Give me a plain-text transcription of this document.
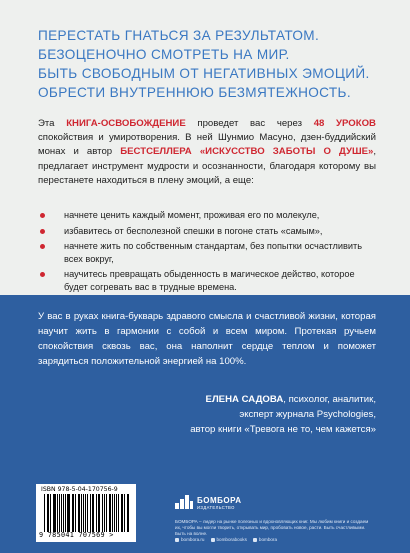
ПЕРЕСТАТЬ ГНАТЬСЯ ЗА РЕЗУЛЬТАТОМ.
БЕЗОЦЕНОЧНО СМОТРЕТЬ НА МИР.
БЫТЬ СВОБОДНЫМ ОТ НЕГАТИВНЫХ ЭМОЦИЙ.
ОБРЕСТИ ВНУТРЕННЮЮ БЕЗМЯТЕЖНОСТЬ.
Эта КНИГА-ОСВОБОЖДЕНИЕ проведет вас через 48 УРОКОВ спокойствия и умиротворения. В ней Шунмио Масуно, дзен-буддийский монах и автор БЕСТСЕЛЛЕРА «ИСКУССТВО ЗАБОТЫ О ДУШЕ», предлагает инструмент мудрости и осознанности, благодаря которому вы перестанете находиться в плену эмоций, а еще:
начнете ценить каждый момент, проживая его по молекуле,
избавитесь от бесполезной спешки в погоне стать «самым»,
начнете жить по собственным стандартам, без попытки осчастливить всех вокруг,
научитесь превращать обыденность в магическое действо, которое будет согревать вас в трудные времена.
У вас в руках книга-букварь здравого смысла и счастливой жизни, которая научит жить в гармонии с собой и всем миром. Протекая ручьем спокойствия сквозь вас, она наполнит сердце теплом и поможет зарядиться положительной энергией на 100%.
ЕЛЕНА САДОВА, психолог, аналитик,
эксперт журнала Psychologies,
автор книги «Тревога не то, чем кажется»
ISBN 978-5-04-170756-9
9 785041 707569 >
БОМБОРА
ИЗДАТЕЛЬСТВО
БОМБОРА – лидер на рынке полезных и вдохновляющих книг. Мы любим книги и создаем их, чтобы вы могли творить, открывать мир, пробовать новое, расти. Быть счастливыми. Быть на волне.
bombora.ru	bomborabooks	bombora
